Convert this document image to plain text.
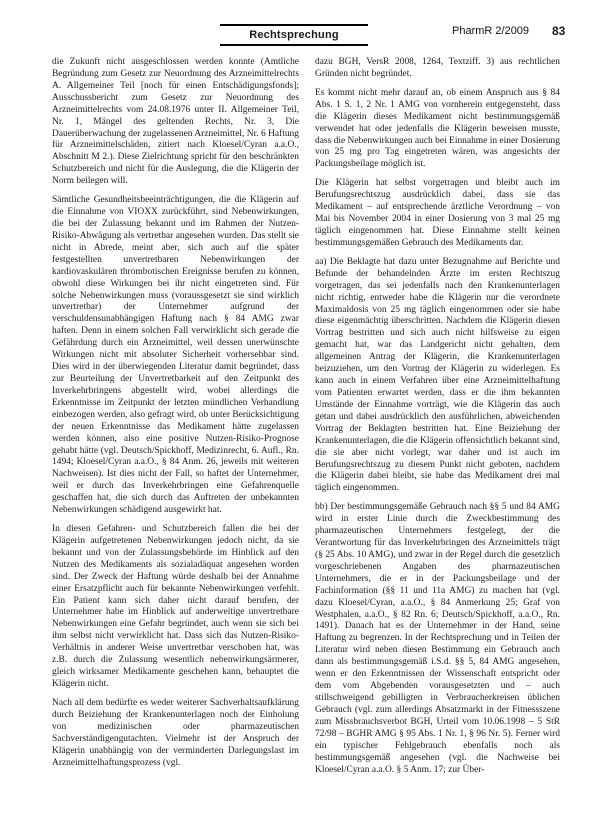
Rechtsprechung	PharmR 2/2009 83

die Zukunft nicht ausgeschlossen werden konnte (Amtliche Begründung zum Gesetz zur Neuordnung des Arzneimittelrechts A. Allgemeiner Teil [noch für einen Entschädigungsfonds]; Ausschussbericht zum Gesetz zur Neuordnung des Arzneimittelrechts vom 24.08.1976 unter II. Allgemeiner Teil, Nr. 1, Mängel des geltenden Rechts, Nr. 3, Die Dauerüberwachung der zugelassenen Arzneimittel, Nr. 6 Haftung für Arzneimittelschäden, zitiert nach Kloesel/Cyran a.a.O., Abschnitt M 2.). Diese Zielrichtung spricht für den beschränkten Schutzbereich und nicht für die Auslegung, die die Klägerin der Norm beilegen will.

Sämtliche Gesundheitsbeeinträchtigungen, die die Klägerin auf die Einnahme von VIOXX zurückführt, sind Nebenwirkungen, die bei der Zulassung bekannt und im Rahmen der Nutzen-Risiko-Abwägung als vertretbar angesehen wurden. Das stellt sie nicht in Abrede, meint aber, sich auch auf die später festgestellten unvertretbaren Nebenwirkungen der kardiovaskulären thrombotischen Ereignisse berufen zu können, obwohl diese Wirkungen bei ihr nicht eingetreten sind. Für solche Nebenwirkungen muss (voraussgesetzt sie sind wirklich unvertretbar) der Unternehmer aufgrund der verschuldensunabhängigen Haftung nach § 84 AMG zwar haften. Denn in einem solchen Fall verwirklicht sich gerade die Gefährdung durch ein Arzneimittel, weil dessen unerwünschte Wirkungen nicht mit absoluter Sicherheit vorhersehbar sind. Dies wird in der überwiegenden Literatur damit begründet, dass zur Beurteilung der Unvertretbarkeit auf den Zeitpunkt des Inverkehrbringens abgestellt wird, wobei allerdings die Erkenntnisse im Zeitpunkt der letzten mündlichen Verhandlung einbezogen werden, also gefragt wird, ob unter Berücksichtigung der neuen Erkenntnisse das Medikament hätte zugelassen werden können, also eine positive Nutzen-Risiko-Prognose gehabt hätte (vgl. Deutsch/Spickhoff, Medizinrecht, 6. Aufl., Rn. 1494; Kloesel/Cyran a.a.O., § 84 Anm. 26, jeweils mit weiteren Nachweisen). Ist dies nicht der Fall, so haftet der Unternehmer, weil er durch das Inverkehrbringen eine Gefahrenquelle geschaffen hat, die sich durch das Auftreten der unbekannten Nebenwirkungen schädigend ausgewirkt hat.

In diesen Gefahren- und Schutzbereich fallen die bei der Klägerin aufgetretenen Nebenwirkungen jedoch nicht, da sie bekannt und von der Zulassungsbehörde im Hinblick auf den Nutzen des Medikaments als sozialadäquat angesehen worden sind. Der Zweck der Haftung würde deshalb bei der Annahme einer Ersatzpflicht auch für bekannte Nebenwirkungen verfehlt. Ein Patient kann sich daher nicht darauf berufen, der Unternehmer habe im Hinblick auf anderweitige unvertretbare Nebenwirkungen eine Gefahr begründet, auch wenn sie sich bei ihm selbst nicht verwirklicht hat. Dass sich das Nutzen-Risiko-Verhältnis in anderer Weise unvertretbar verschoben hat, was z.B. durch die Zulassung wesentlich nebenwirkungsärmerer, gleich wirksamer Medikamente geschehen kann, behauptet die Klägerin nicht.

Nach all dem bedürfte es weder weiterer Sachverhaltsaufklärung durch Beiziehung der Krankenunterlagen noch der Einholung von medizinischen oder pharmazeutischen Sachverständigengutachten. Vielmehr ist der Anspruch der Klägerin unabhängig von der verminderten Darlegungslast im Arzneimittelhaftungsprozess (vgl.

dazu BGH, VersR 2008, 1264, Textziff. 3) aus rechtlichen Gründen nicht begründet.

Es kommt nicht mehr darauf an, ob einem Anspruch aus § 84 Abs. 1 S. 1, 2 Nr. 1 AMG von vornherein entgegensteht, dass die Klägerin dieses Medikament nicht bestimmungsgemäß verwendet hat oder jedenfalls die Klägerin beweisen musste, dass die Nebenwirkungen auch bei Einnahme in einer Dosierung von 25 mg pro Tag eingetreten wären, was angesichts der Packungsbeilage möglich ist.

Die Klägerin hat selbst vorgetragen und bleibt auch im Berufungsrechtszug ausdrücklich dabei, dass sie das Medikament – auf entsprechende ärztliche Verordnung – von Mai bis November 2004 in einer Dosierung von 3 mal 25 mg täglich eingenommen hat. Diese Einnahme stellt keinen bestimmungsgemäßen Gebrauch des Medikaments dar.

aa) Die Beklagte hat dazu unter Bezugnahme auf Berichte und Befunde der behandelnden Ärzte im ersten Rechtszug vorgetragen, das sei jedenfalls nach den Krankenunterlagen nicht richtig, entweder habe die Klägerin nur die verordnete Maximaldosis von 25 mg täglich eingenommen oder sie habe diese eigenmächtig überschritten. Nachdem die Klägerin diesen Vortrag bestritten und sich auch nicht hilfsweise zu eigen gemacht hat, war das Landgericht nicht gehalten, dem allgemeinen Antrag der Klägerin, die Krankenunterlagen beizuziehen, um den Vortrag der Klägerin zu widerlegen. Es kann auch in einem Verfahren über eine Arzneimittelhaftung vom Patienten erwartet werden, dass er die ihm bekannten Umstände der Einnahme vorträgt, wie die Klägerin das auch getan und dabei ausdrücklich den ausführlichen, abweichenden Vortrag der Beklagten bestritten hat. Eine Beiziehung der Krankenunterlagen, die die Klägerin offensichtlich bekannt sind, die sie aber nicht vorlegt, war daher und ist auch im Berufungsrechtszug zu diesem Punkt nicht geboten, nachdem die Klägerin dabei bleibt, sie habe das Medikament drei mal täglich eingenommen.

bb) Der bestimmungsgemäße Gebrauch nach §§ 5 und 84 AMG wird in erster Linie durch die Zweckbestimmung des pharmazeutischen Unternehmers festgelegt, der die Verantwortung für das Inverkehrbringen des Arzneimittels trägt (§ 25 Abs. 10 AMG), und zwar in der Regel durch die gesetzlich vorgeschriebenen Angaben des pharmazeutischen Unternehmers, die er in der Packungsbeilage und der Fachinformation (§§ 11 und 11a AMG) zu machen hat (vgl. dazu Kloesel/Cyran, a.a.O., § 84 Anmerkung 25; Graf von Westphalen, a.a.O., § 82 Rn. 6; Deutsch/Spickhoff, a.a.O., Rn. 1491). Danach hat es der Unternehmer in der Hand, seine Haftung zu begrenzen. In der Rechtsprechung und in Teilen der Literatur wird neben diesen Bestimmung ein Gebrauch auch dann als bestimmungsgemäß i.S.d. §§ 5, 84 AMG angesehen, wenn er den Erkenntnissen der Wissenschaft entspricht oder dem vom Abgebenden vorausgesetzten und – auch stillschweigend gebilligten in Verbraucherkreisen üblichen Gebrauch (vgl. zum allerdings Absatzmarkt in der Fitnessszene zum Missbrauchsverbot BGH, Urteil vom 10.06.1998 – 5 StR 72/98 – BGHR AMG § 95 Abs. 1 Nr. 1, § 96 Nr. 5). Ferner wird ein typischer Fehlgebrauch ebenfalls noch als bestimmungsgemäß angesehen (vgl. die Nachweise bei Kloesel/Cyran a.a.O. § 5 Anm. 17; zur Über-
